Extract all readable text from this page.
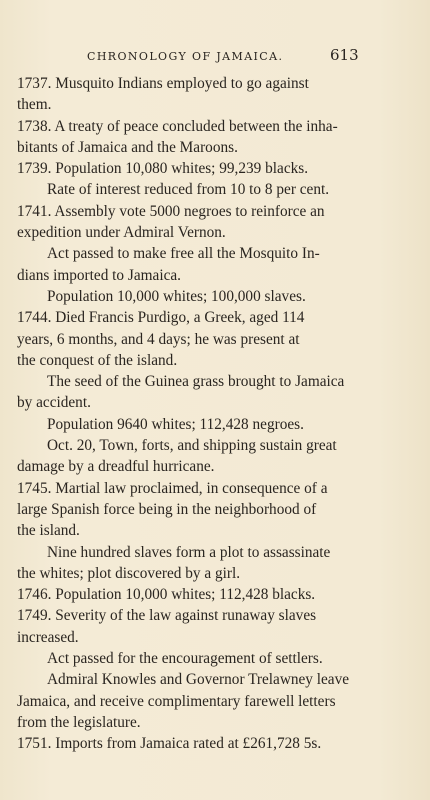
CHRONOLOGY OF JAMAICA.	613
1737. Musquito Indians employed to go against
them.
1738. A treaty of peace concluded between the inha-
bitants of Jamaica and the Maroons.
1739. Population 10,080 whites; 99,239 blacks.
Rate of interest reduced from 10 to 8 per cent.
1741. Assembly vote 5000 negroes to reinforce an
expedition under Admiral Vernon.
Act passed to make free all the Mosquito In-
dians imported to Jamaica.
Population 10,000 whites; 100,000 slaves.
1744. Died Francis Purdigo, a Greek, aged 114
years, 6 months, and 4 days; he was present at
the conquest of the island.
The seed of the Guinea grass brought to Jamaica
by accident.
Population 9640 whites; 112,428 negroes.
Oct. 20, Town, forts, and shipping sustain great
damage by a dreadful hurricane.
1745. Martial law proclaimed, in consequence of a
large Spanish force being in the neighborhood of
the island.
Nine hundred slaves form a plot to assassinate
the whites; plot discovered by a girl.
1746. Population 10,000 whites; 112,428 blacks.
1749. Severity of the law against runaway slaves
increased.
Act passed for the encouragement of settlers.
Admiral Knowles and Governor Trelawney leave
Jamaica, and receive complimentary farewell letters
from the legislature.
1751. Imports from Jamaica rated at £261,728 5s.
